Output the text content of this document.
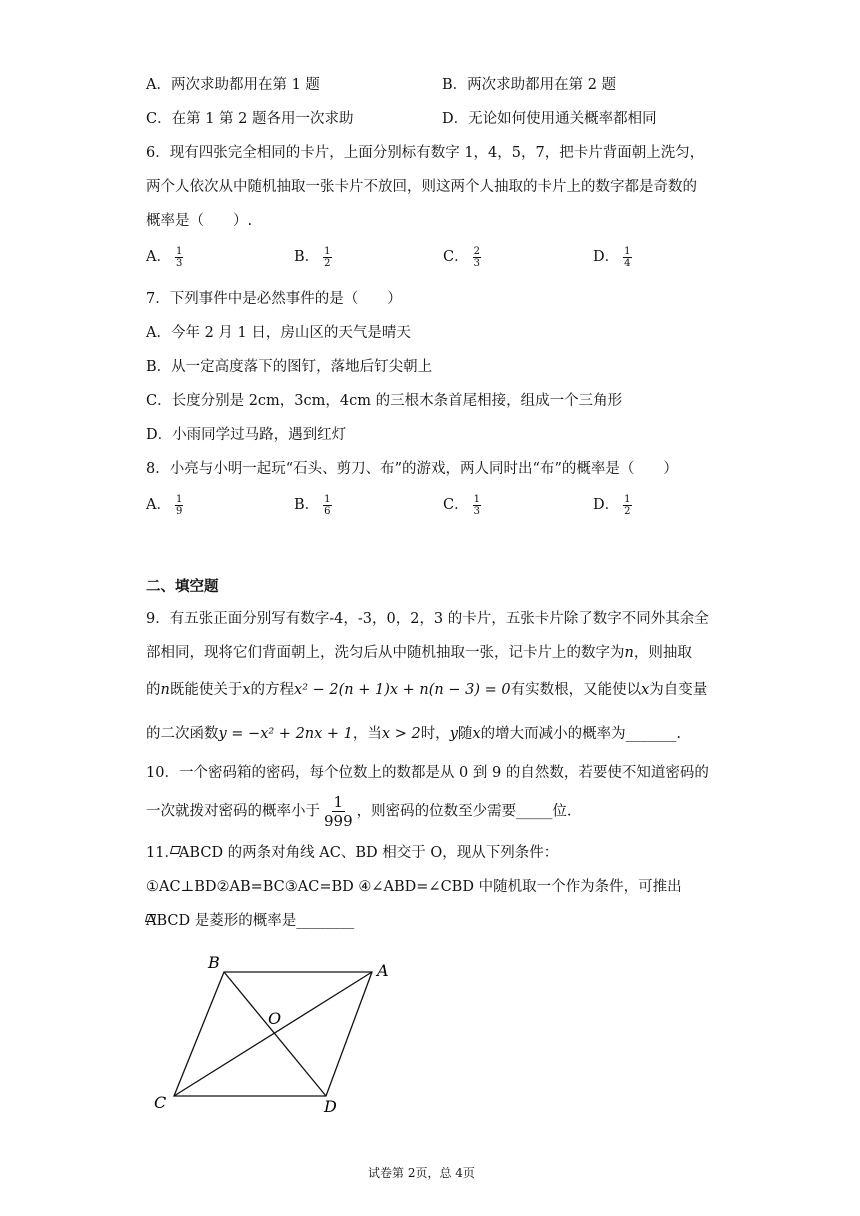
A．两次求助都用在第 1 题	B．两次求助都用在第 2 题
C．在第 1 第 2 题各用一次求助	D．无论如何使用通关概率都相同
6．现有四张完全相同的卡片，上面分别标有数字 1，4，5，7，把卡片背面朝上洗匀，
两个人依次从中随机抽取一张卡片不放回，则这两个人抽取的卡片上的数字都是奇数的
概率是（　　）.
A． $\frac{1}{3}$	B． $\frac{1}{2}$	C． $\frac{2}{3}$	D． $\frac{1}{4}$
7．下列事件中是必然事件的是（　　）
A．今年 2 月 1 日，房山区的天气是晴天
B．从一定高度落下的图钉，落地后钉尖朝上
C．长度分别是 2cm，3cm，4cm 的三根木条首尾相接，组成一个三角形
D．小雨同学过马路，遇到红灯
8．小亮与小明一起玩“石头、剪刀、布”的游戏，两人同时出“布”的概率是（　　）
A． $\frac{1}{9}$	B． $\frac{1}{6}$	C． $\frac{1}{3}$	D． $\frac{1}{2}$
二、填空题
9．有五张正面分别写有数字-4，-3，0，2，3 的卡片，五张卡片除了数字不同外其余全
部相同，现将它们背面朝上，洗匀后从中随机抽取一张，记卡片上的数字为n，则抽取
的n既能使关于x的方程x² − 2(n + 1)x + n(n − 3) = 0有实数根，又能使以x为自变量
的二次函数y = −x² + 2nx + 1，当x > 2时，y随x的增大而减小的概率为_______.
10．一个密码箱的密码，每个位数上的数都是从 0 到 9 的自然数，若要使不知道密码的
一次就拨对密码的概率小于 $\frac{1}{999}$ ，则密码的位数至少需要_____位.
11．ABCD 的两条对角线 AC、BD 相交于 O，现从下列条件：
①AC⊥BD②AB=BC③AC=BD ④∠ABD=∠CBD 中随机取一个作为条件，可推出
ABCD 是菱形的概率是________
B	A
O
C	D
试卷第 2页，总 4页
